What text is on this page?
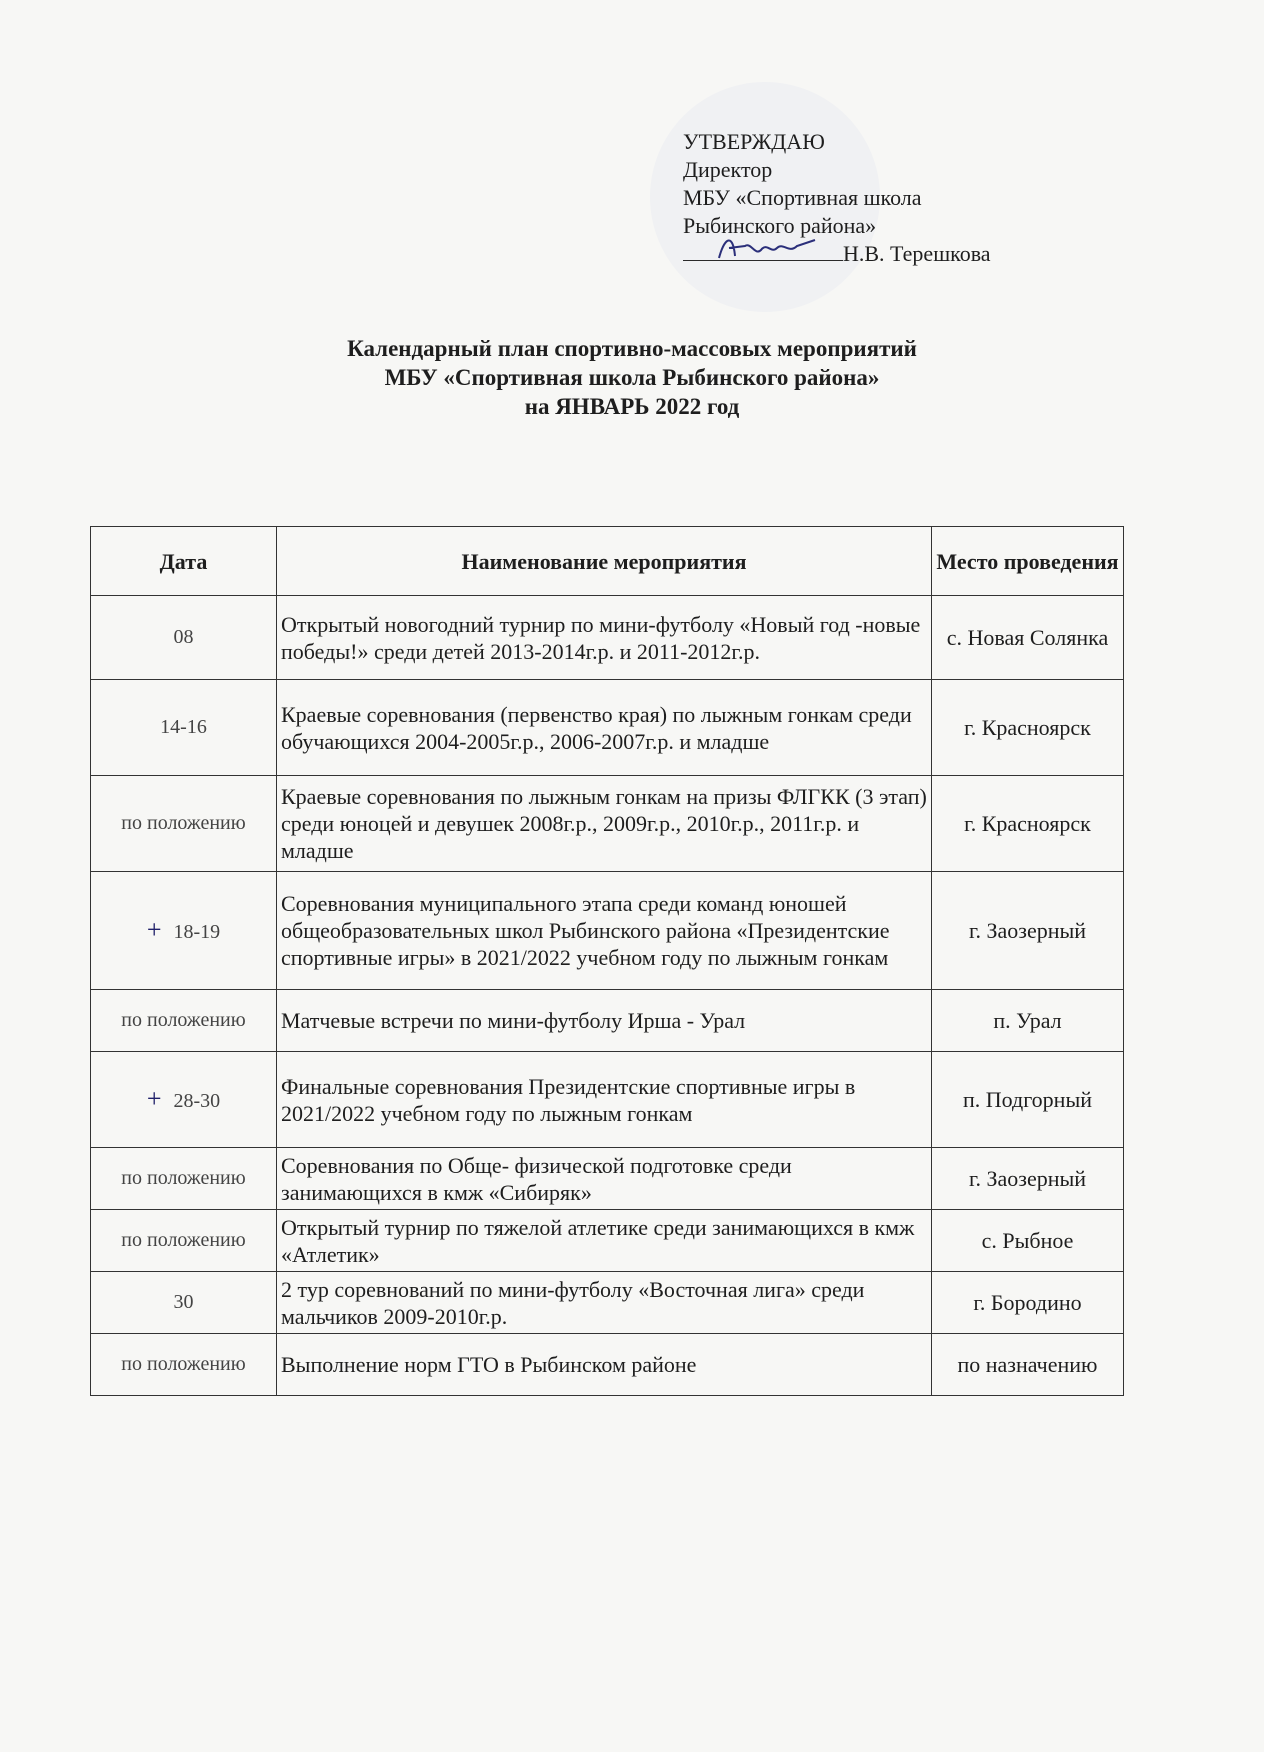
УТВЕРЖДАЮ
Директор
МБУ «Спортивная школа
Рыбинского района»
Н.В. Терешкова
Календарный план спортивно-массовых мероприятий
МБУ «Спортивная школа Рыбинского района»
на ЯНВАРЬ 2022 год
Дата	Наименование мероприятия	Место проведения
08	Открытый новогодний турнир по мини-футболу «Новый год -новые победы!» среди детей 2013-2014г.р. и 2011-2012г.р.	с. Новая Солянка
14-16	Краевые соревнования (первенство края) по лыжным гонкам среди обучающихся 2004-2005г.р., 2006-2007г.р. и младше	г. Красноярск
по положению	Краевые соревнования по лыжным гонкам на призы ФЛГКК (3 этап) среди юноцей и девушек 2008г.р., 2009г.р., 2010г.р., 2011г.р. и младше	г. Красноярск
+ 18-19	Соревнования муниципального этапа среди команд юношей общеобразовательных школ Рыбинского района «Президентские спортивные игры» в 2021/2022 учебном году по лыжным гонкам	г. Заозерный
по положению	Матчевые встречи по мини-футболу Ирша - Урал	п. Урал
+ 28-30	Финальные соревнования Президентские спортивные игры в 2021/2022 учебном году по лыжным гонкам	п. Подгорный
по положению	Соревнования по Обще- физической подготовке среди занимающихся в кмж «Сибиряк»	г. Заозерный
по положению	Открытый турнир по тяжелой атлетике среди занимающихся в кмж «Атлетик»	с. Рыбное
30	2 тур соревнований по мини-футболу «Восточная лига» среди мальчиков 2009-2010г.р.	г. Бородино
по положению	Выполнение норм ГТО в Рыбинском районе	по назначению
